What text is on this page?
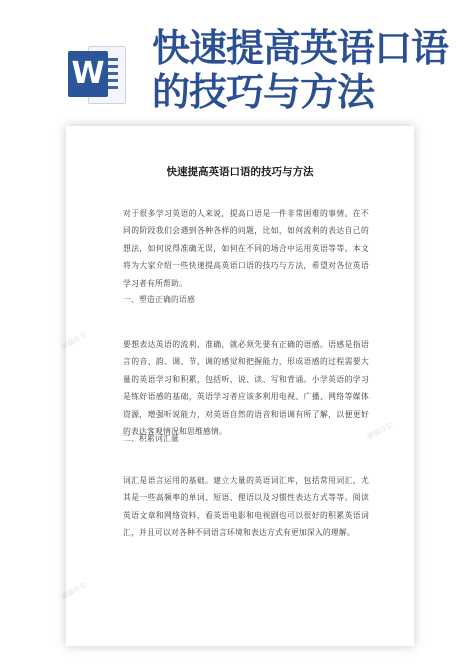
W
快速提高英语口语的技巧与方法
熊猫办公
熊猫办公
熊猫办公
快速提高英语口语的技巧与方法

对于很多学习英语的人来说，提高口语是一件非常困难的事情。在不同的阶段我们会遇到各种各样的问题，比如，如何流利的表达自己的想法，如何说得准确无误，如何在不同的场合中运用英语等等。本文将为大家介绍一些快速提高英语口语的技巧与方法，希望对各位英语学习者有所帮助。

一、塑造正确的语感

要想表达英语的流利、准确，就必须先要有正确的语感。语感是指语言的音、韵、调、节、调的感觉和把握能力，形成语感的过程需要大量的英语学习和积累，包括听、说、读、写和背诵。小学英语的学习是练好语感的基础，英语学习者应该多利用电视、广播、网络等媒体资源，增强听说能力，对英语自然的语音和语调有所了解，以便更好的表达客观情况和思维感情。

二、积累词汇量

词汇是语言运用的基础。建立大量的英语词汇库，包括常用词汇，尤其是一些高频率的单词、短语、俚语以及习惯性表达方式等等。阅读英语文章和网络资料，看英语电影和电视剧也可以很好的积累英语词汇，并且可以对各种不同语言环境和表达方式有更加深入的理解。
